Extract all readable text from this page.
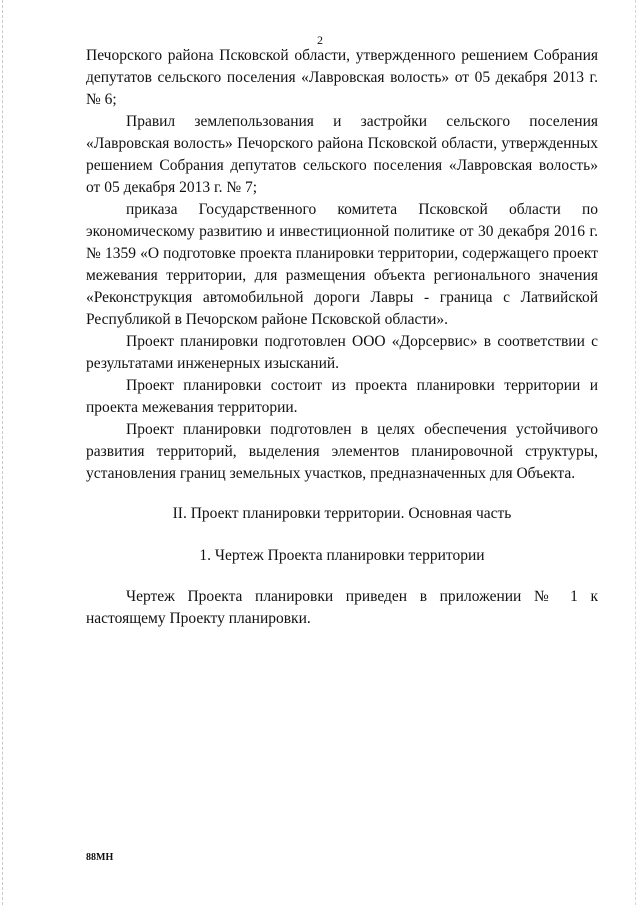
2

Печорского района Псковской области, утвержденного решением Собрания депутатов сельского поселения «Лавровская волость» от 05 декабря 2013 г. № 6;

Правил землепользования и застройки сельского поселения «Лавровская волость» Печорского района Псковской области, утвержденных решением Собрания депутатов сельского поселения «Лавровская волость» от 05 декабря 2013 г. № 7;

приказа Государственного комитета Псковской области по экономическому развитию и инвестиционной политике от 30 декабря 2016 г. № 1359 «О подготовке проекта планировки территории, содержащего проект межевания территории, для размещения объекта регионального значения «Реконструкция автомобильной дороги Лавры - граница с Латвийской Республикой в Печорском районе Псковской области».

Проект планировки подготовлен ООО «Дорсервис» в соответствии с результатами инженерных изысканий.

Проект планировки состоит из проекта планировки территории и проекта межевания территории.

Проект планировки подготовлен в целях обеспечения устойчивого развития территорий, выделения элементов планировочной структуры, установления границ земельных участков, предназначенных для Объекта.

II. Проект планировки территории. Основная часть

1. Чертеж Проекта планировки территории

Чертеж Проекта планировки приведен в приложении № 1 к настоящему Проекту планировки.

88МН
